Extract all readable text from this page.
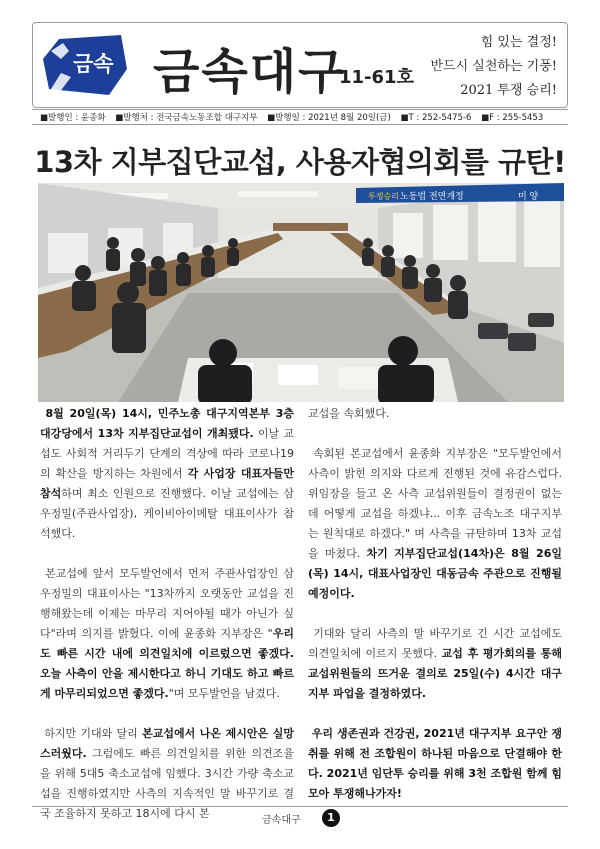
금속 금속대구
11-61호
힘 있는 결정!
반드시 실천하는 기풍!
2021 투쟁 승리!
■발행인 : 윤종화 ■발행처 : 전국금속노동조합 대구지부 ■발행일 : 2021년 8월 20일(금) ■T : 252-5475-6 ■F : 255-5453
13차 지부집단교섭, 사용자협의회를 규탄!
노동법 전면개정
투쟁승리	미 양

8월 20일(목) 14시, 민주노총 대구지역본부 3층 대강당에서 13차 지부집단교섭이 개최됐다. 이날 교섭도 사회적 거리두기 단계의 격상에 따라 코로나19의 확산을 방지하는 차원에서 각 사업장 대표자들만 참석하며 최소 인원으로 진행했다. 이날 교섭에는 삼우정밀(주관사업장), 케이비아이메탈 대표이사가 참석했다.

본교섭에 앞서 모두발언에서 먼저 주관사업장인 삼우정밀의 대표이사는 "13차까지 오랫동안 교섭을 진행해왔는데 이제는 마무리 지어야될 때가 아닌가 싶다"라며 의지를 밝혔다. 이에 윤종화 지부장은 "우리도 빠른 시간 내에 의견일치에 이르렀으면 좋겠다. 오늘 사측이 안을 제시한다고 하니 기대도 하고 빠르게 마무리되었으면 좋겠다."며 모두발언을 남겼다.

하지만 기대와 달리 본교섭에서 나온 제시안은 실망스러웠다. 그럼에도 빠른 의견일치를 위한 의견조율을 위해 5대5 축소교섭에 임했다. 3시간 가량 축소교섭을 진행하였지만 사측의 지속적인 말 바꾸기로 결국 조율하지 못하고 18시에 다시 본

교섭을 속회했다.

속회된 본교섭에서 윤종화 지부장은 "모두발언에서 사측이 밝힌 의지와 다르게 진행된 것에 유감스럽다. 위임장을 들고 온 사측 교섭위원들이 결정권이 없는데 어떻게 교섭을 하겠냐... 이후 금속노조 대구지부는 원칙대로 하겠다." 며 사측을 규탄하며 13차 교섭을 마쳤다. 차기 지부집단교섭(14차)은 8월 26일(목) 14시, 대표사업장인 대동금속 주관으로 진행될 예정이다.

기대와 달리 사측의 말 바꾸기로 긴 시간 교섭에도 의견일치에 이르지 못했다. 교섭 후 평가회의를 통해 교섭위원들의 뜨거운 결의로 25일(수) 4시간 대구지부 파업을 결정하였다.

우리 생존권과 건강권, 2021년 대구지부 요구안 쟁취를 위해 전 조합원이 하나된 마음으로 단결해야 한다. 2021년 임단투 승리를 위해 3천 조합원 함께 힘 모아 투쟁해나가자!

금속대구	1
